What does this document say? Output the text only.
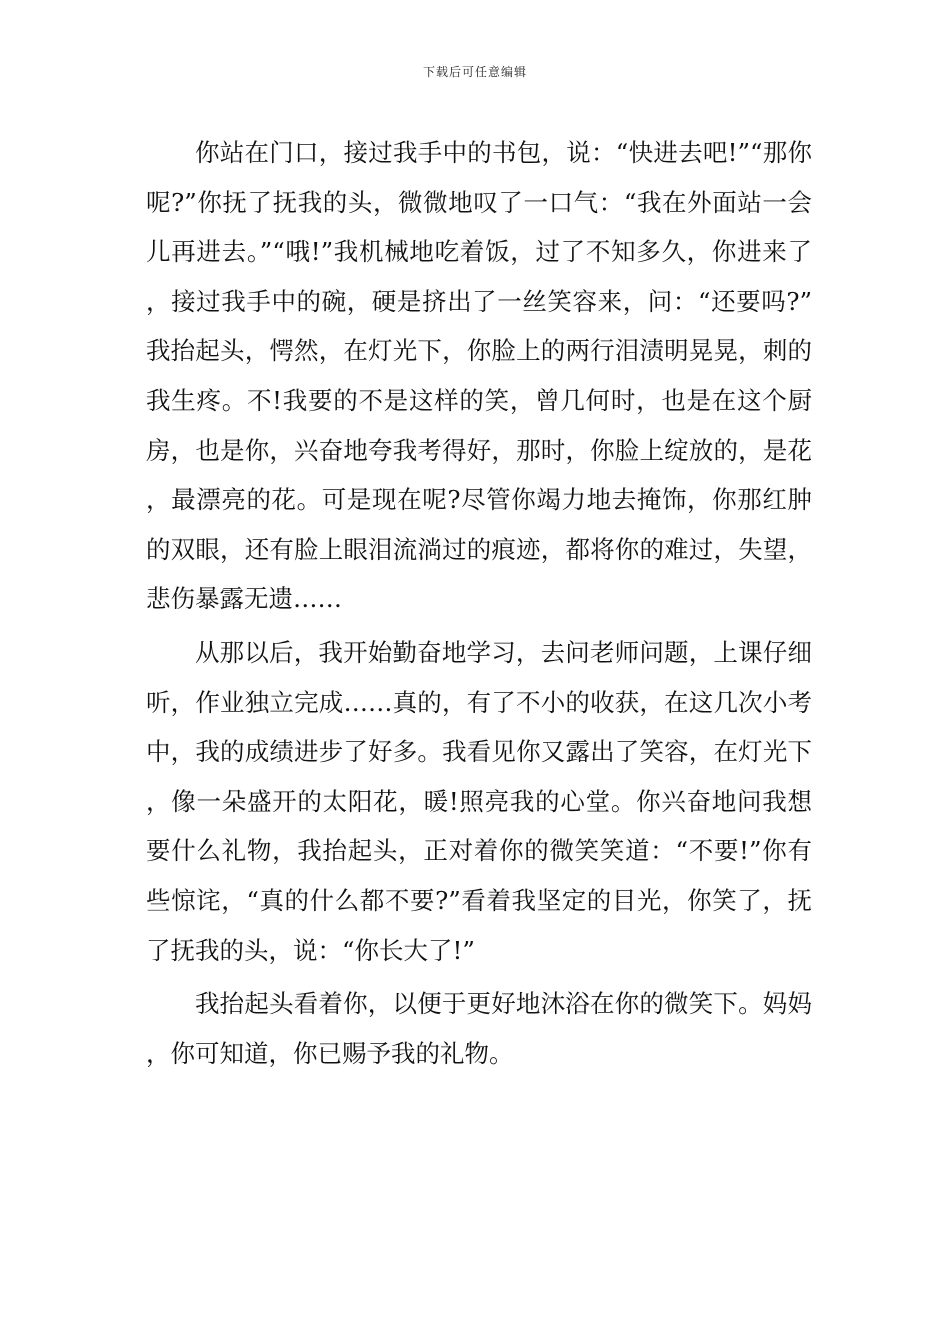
下载后可任意编辑

你站在门口，接过我手中的书包，说：“快进去吧!”“那你呢?”你抚了抚我的头，微微地叹了一口气：“我在外面站一会儿再进去。”“哦!”我机械地吃着饭，过了不知多久，你进来了，接过我手中的碗，硬是挤出了一丝笑容来，问：“还要吗?”我抬起头，愕然，在灯光下，你脸上的两行泪渍明晃晃，刺的我生疼。不!我要的不是这样的笑，曾几何时，也是在这个厨房，也是你，兴奋地夸我考得好，那时，你脸上绽放的，是花，最漂亮的花。可是现在呢?尽管你竭力地去掩饰，你那红肿的双眼，还有脸上眼泪流淌过的痕迹，都将你的难过，失望，悲伤暴露无遗……

从那以后，我开始勤奋地学习，去问老师问题，上课仔细听，作业独立完成……真的，有了不小的收获，在这几次小考中，我的成绩进步了好多。我看见你又露出了笑容，在灯光下，像一朵盛开的太阳花，暖!照亮我的心堂。你兴奋地问我想要什么礼物，我抬起头，正对着你的微笑笑道：“不要!”你有些惊诧，“真的什么都不要?”看着我坚定的目光，你笑了，抚了抚我的头，说：“你长大了!”

我抬起头看着你，以便于更好地沐浴在你的微笑下。妈妈，你可知道，你已赐予我的礼物。
